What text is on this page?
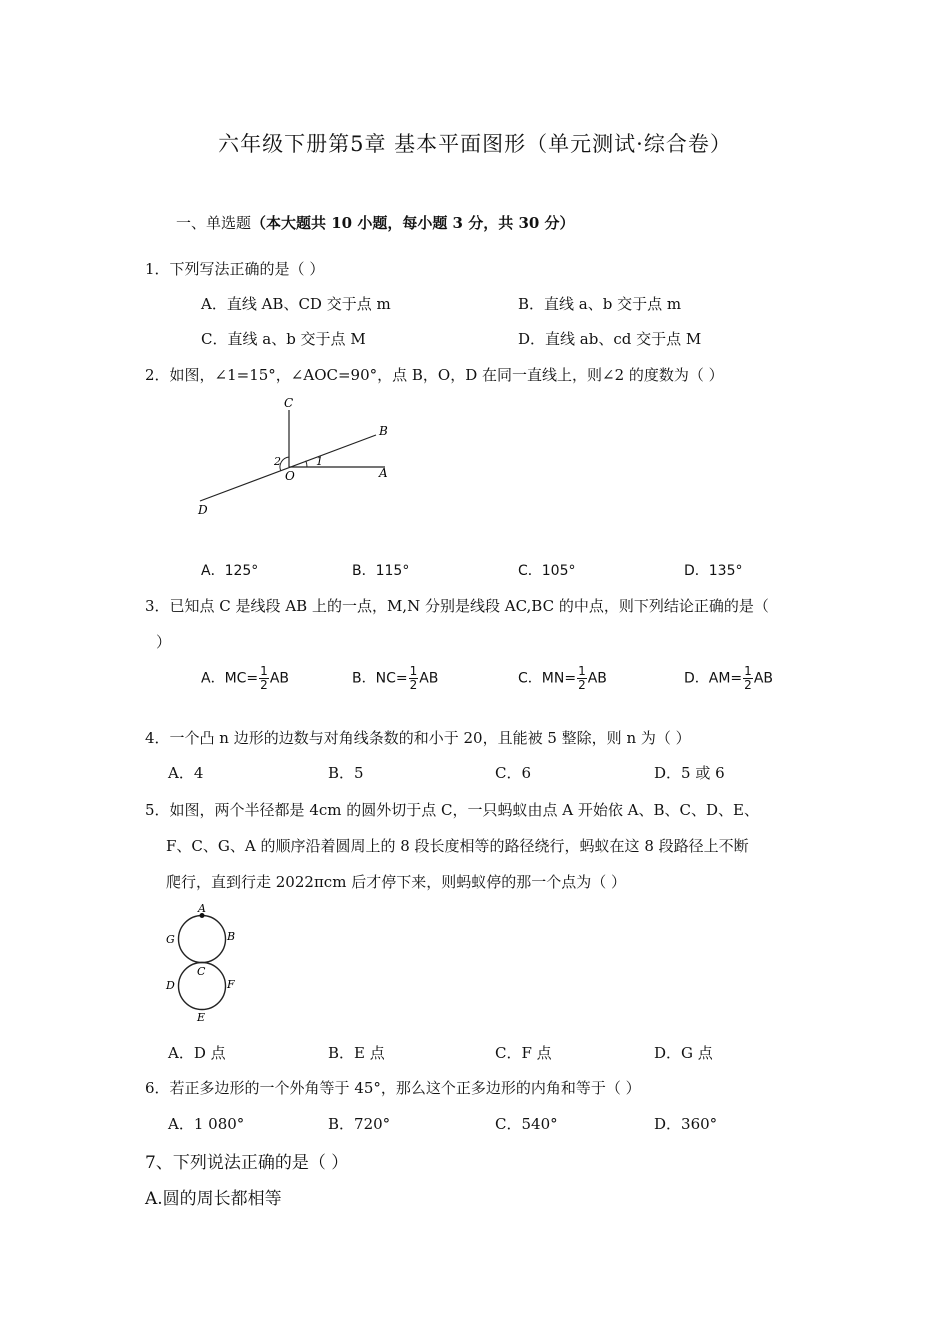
六年级下册第5章 基本平面图形（单元测试·综合卷）
一、单选题（本大题共 10 小题，每小题 3 分，共 30 分）
1．下列写法正确的是（ ）
A．直线 AB、CD 交于点 m	B．直线 a、b 交于点 m
C．直线 a、b 交于点 M	D．直线 ab、cd 交于点 M
2．如图，∠1=15°，∠AOC=90°，点 B，O，D 在同一直线上，则∠2 的度数为（ ）
C
B
A
O
D
1
2
A．125°	B．115°	C．105°	D．135°
3．已知点 C 是线段 AB 上的一点，M,N 分别是线段 AC,BC 的中点，则下列结论正确的是（
）
A．$MC= \frac{1}{2}$ AB	B．$NC= \frac{1}{2}$ AB	C．$MN= \frac{1}{2}$ AB	D．$AM= \frac{1}{2}$ AB
4．一个凸 n 边形的边数与对角线条数的和小于 20，且能被 5 整除，则 n 为（ ）
A．4	B．5	C．6	D．5 或 6
5．如图，两个半径都是 4cm 的圆外切于点 C，一只蚂蚁由点 A 开始依 A、B、C、D、E、
F、C、G、A 的顺序沿着圆周上的 8 段长度相等的路径绕行，蚂蚁在这 8 段路径上不断
爬行，直到行走 2022πcm 后才停下来，则蚂蚁停的那一个点为（ ）
A
B
G
C
D	F
E
A．D 点	B．E 点	C．F 点	D．G 点
6．若正多边形的一个外角等于 45°，那么这个正多边形的内角和等于（ ）
A．1 080°	B．720°	C．540°	D．360°
7、下列说法正确的是（ ）
A.圆的周长都相等
